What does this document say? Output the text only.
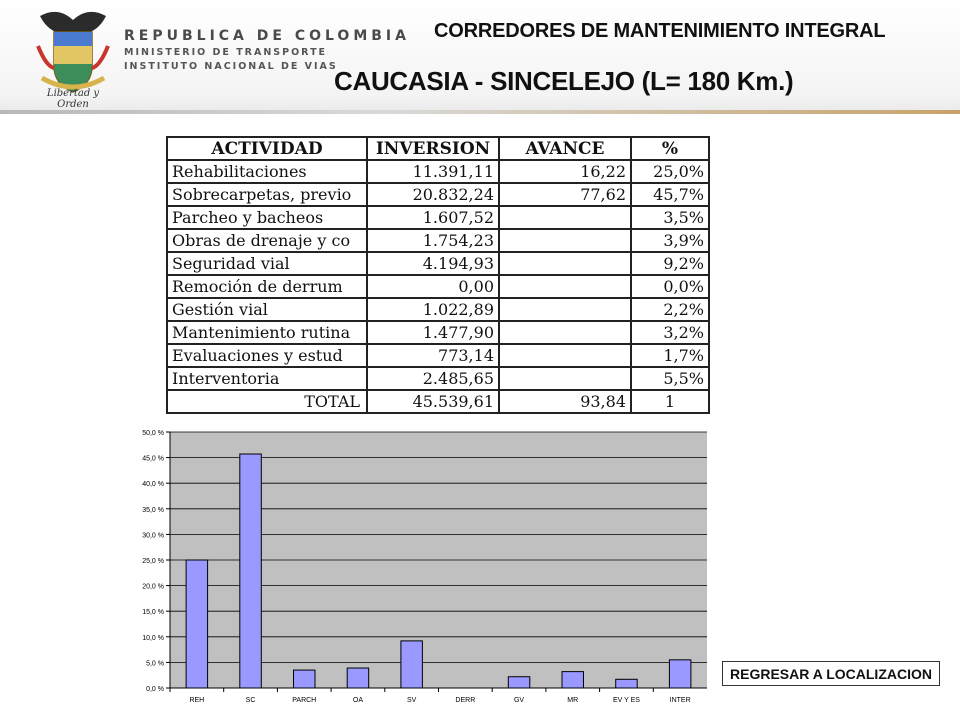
Libertad y Orden
REPUBLICA DE COLOMBIA
MINISTERIO DE TRANSPORTE
INSTITUTO NACIONAL DE VIAS
CORREDORES DE MANTENIMIENTO INTEGRAL
CAUCASIA - SINCELEJO (L= 180 Km.)
ACTIVIDAD	INVERSION	AVANCE	%
Rehabilitaciones	11.391,11	16,22	25,0%
Sobrecarpetas, previo	20.832,24	77,62	45,7%
Parcheo y bacheos	1.607,52		3,5%
Obras de drenaje y co	1.754,23		3,9%
Seguridad vial	4.194,93		9,2%
Remoción de derrum	0,00		0,0%
Gestión vial	1.022,89		2,2%
Mantenimiento rutina	1.477,90		3,2%
Evaluaciones y estud	773,14		1,7%
Interventoria	2.485,65		5,5%
TOTAL	45.539,61	93,84	1
0,0 %
5,0 %
10,0 %
15,0 %
20,0 %
25,0 %
30,0 %
35,0 %
40,0 %
45,0 %
50,0 %
REH	SC	PARCH	OA	SV	DERR	GV	MR	EV Y ES	INTER
REGRESAR A LOCALIZACION
